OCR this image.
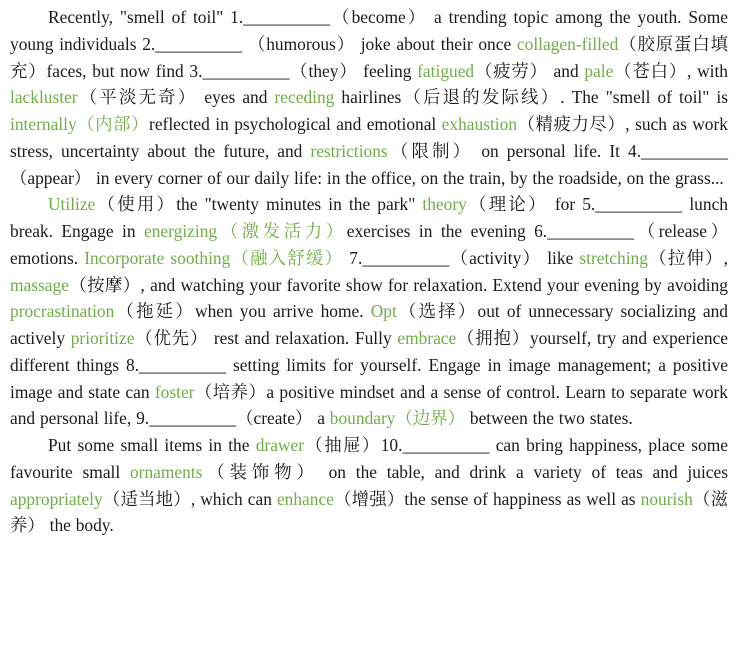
Recently, "smell of toil" 1.__________（become） a trending topic among the youth. Some young individuals 2.__________ （humorous） joke about their once collagen-filled（胶原蛋白填充）faces, but now find 3.__________（they） feeling fatigued（疲劳） and pale（苍白）, with lackluster（平淡无奇） eyes and receding hairlines（后退的发际线）. The "smell of toil" is internally（内部）reflected in psychological and emotional exhaustion（精疲力尽）, such as work stress, uncertainty about the future, and restrictions（限制） on personal life. It 4.__________（appear） in every corner of our daily life: in the office, on the train, by the roadside, on the grass...

Utilize（使用）the "twenty minutes in the park" theory（理论） for 5.__________ lunch break. Engage in energizing（激发活力）exercises in the evening 6.__________（release） emotions. Incorporate soothing（融入舒缓） 7.__________（activity） like stretching（拉伸）, massage（按摩）, and watching your favorite show for relaxation. Extend your evening by avoiding procrastination（拖延）when you arrive home. Opt（选择）out of unnecessary socializing and actively prioritize（优先） rest and relaxation. Fully embrace（拥抱）yourself, try and experience different things 8.__________ setting limits for yourself. Engage in image management; a positive image and state can foster（培养）a positive mindset and a sense of control. Learn to separate work and personal life, 9.__________（create） a boundary（边界） between the two states.

Put some small items in the drawer（抽屉）10.__________ can bring happiness, place some favourite small ornaments（装饰物） on the table, and drink a variety of teas and juices appropriately（适当地）, which can enhance（增强）the sense of happiness as well as nourish（滋养） the body.
